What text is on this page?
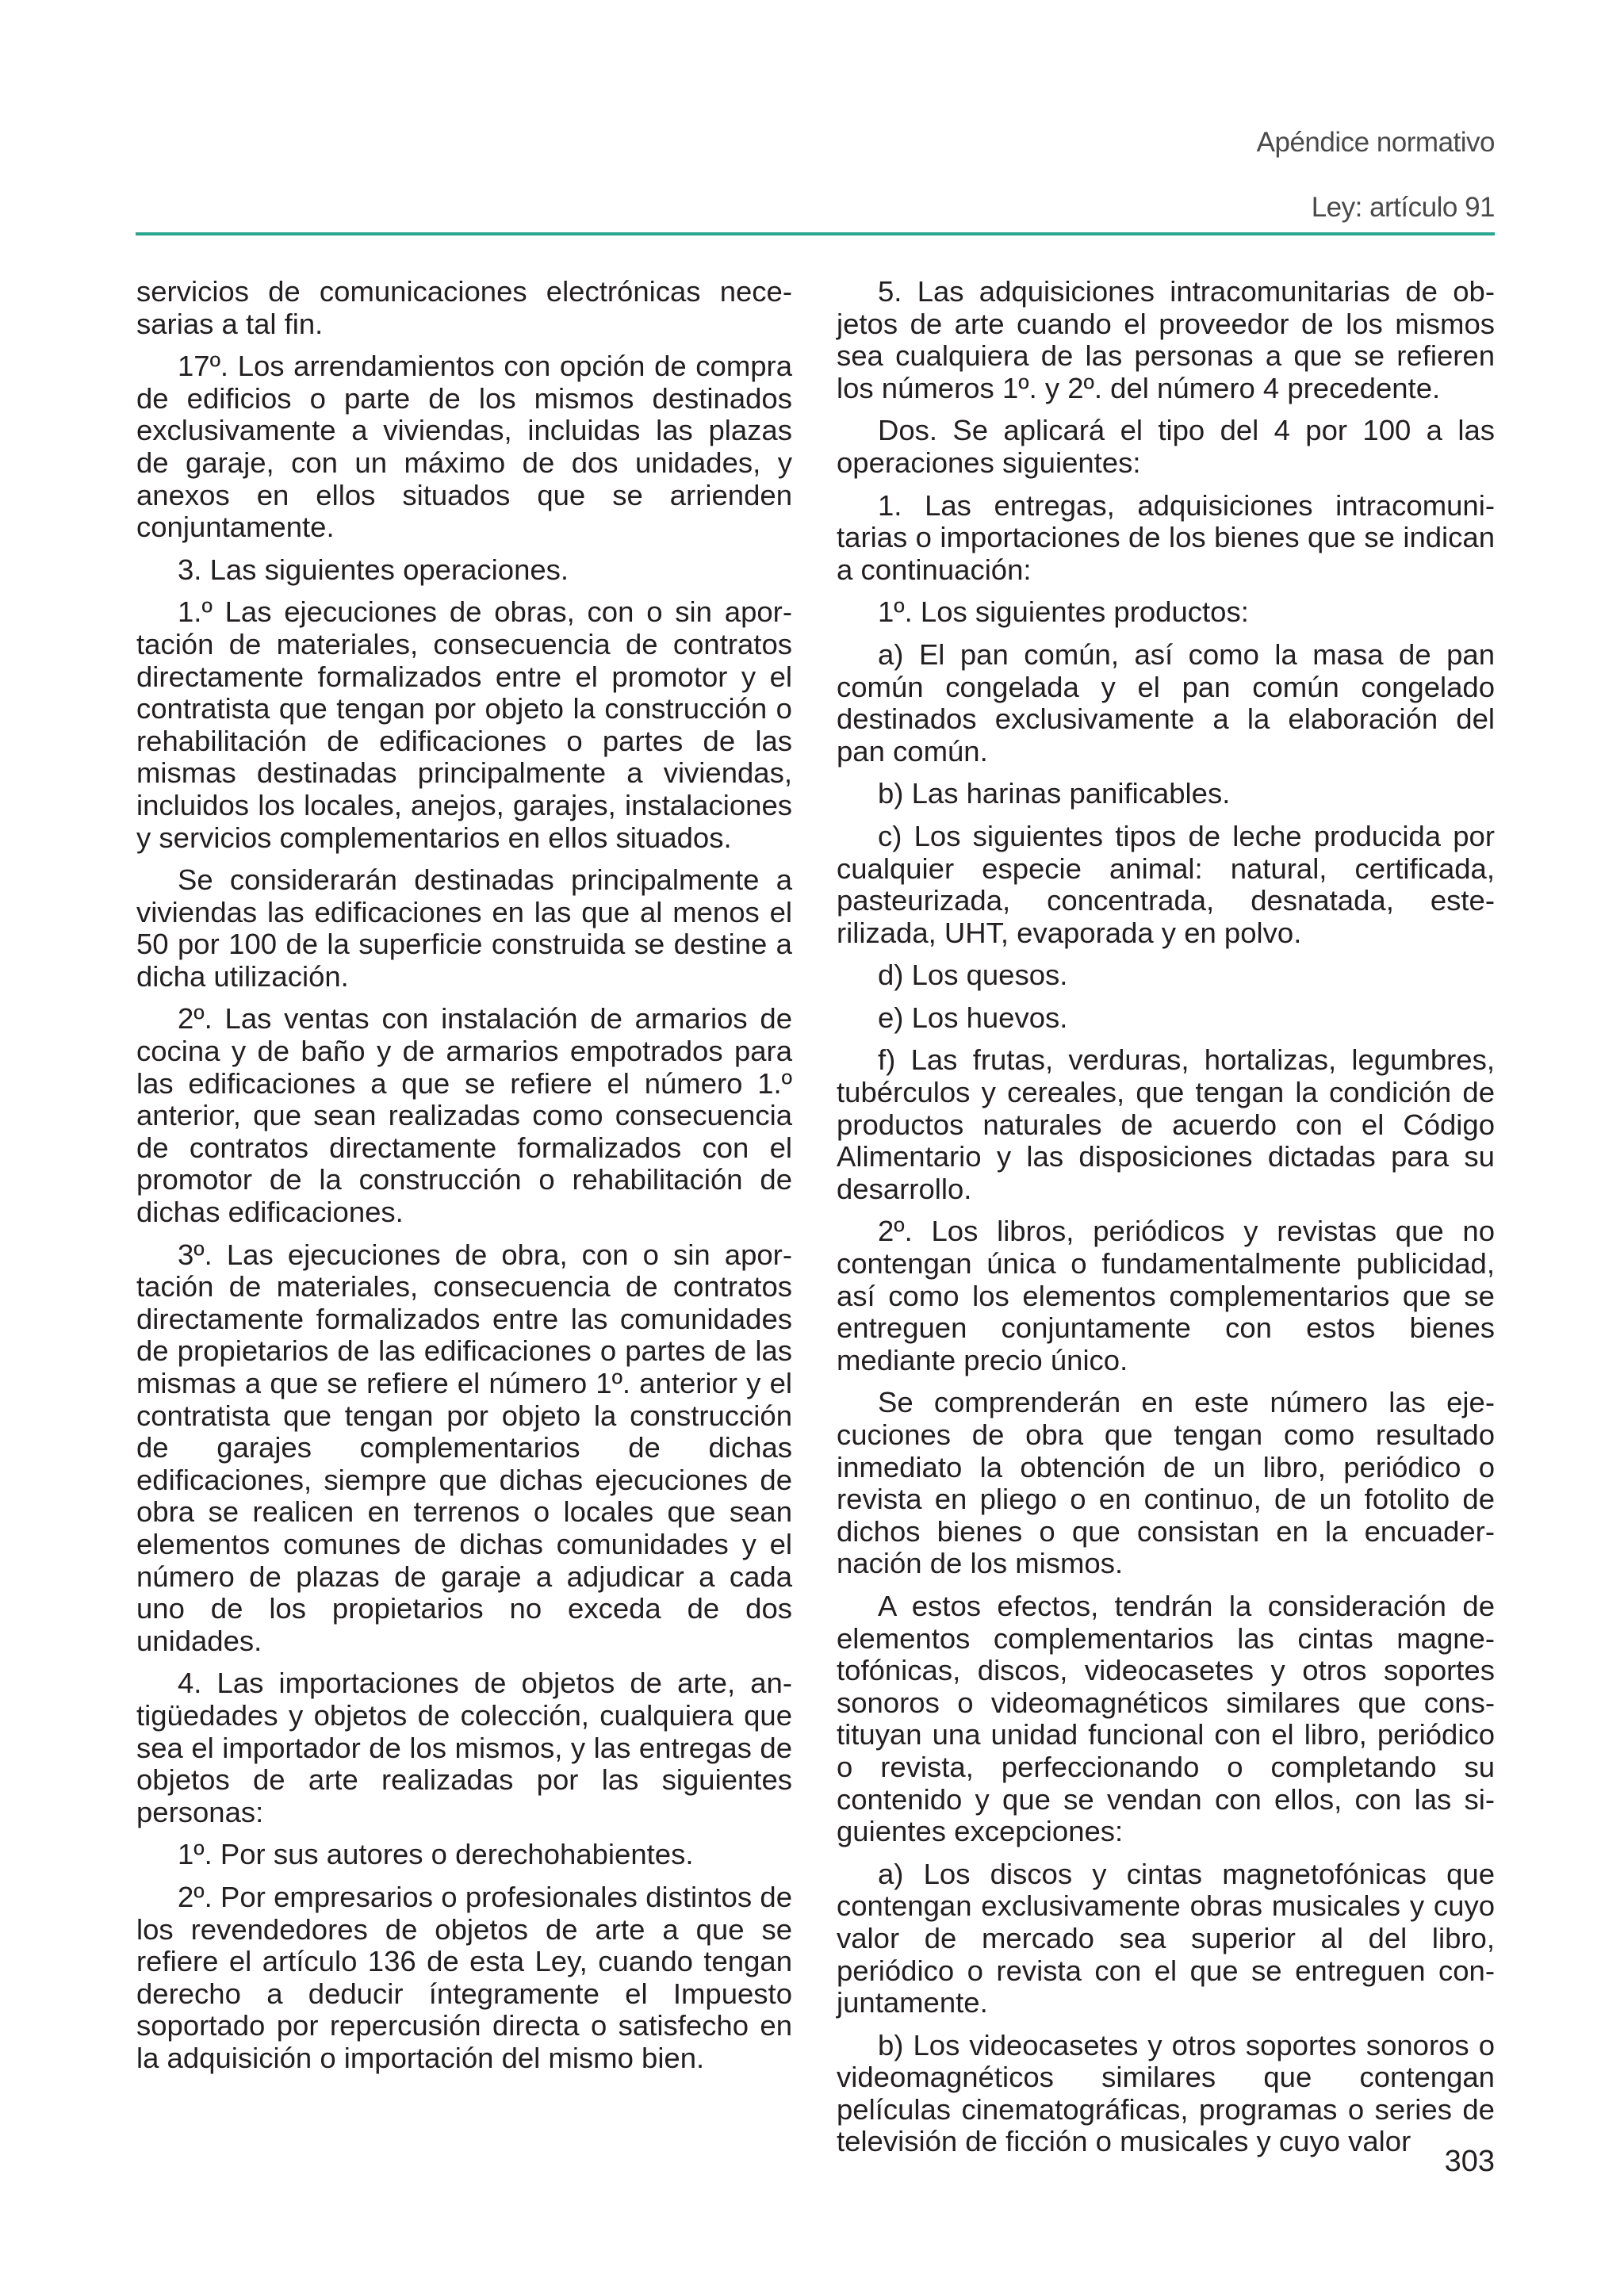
Apéndice normativo
Ley: artículo 91

servicios de comunicaciones electrónicas necesarias a tal fin.

17º. Los arrendamientos con opción de compra de edificios o parte de los mismos destinados exclusivamente a viviendas, incluidas las plazas de garaje, con un máximo de dos unidades, y anexos en ellos situados que se arrienden conjuntamente.

3. Las siguientes operaciones.

1.º Las ejecuciones de obras, con o sin aportación de materiales, consecuencia de contratos directamente formalizados entre el promotor y el contratista que tengan por objeto la construcción o rehabilitación de edificaciones o partes de las mismas destinadas principalmente a viviendas, incluidos los locales, anejos, garajes, instalaciones y servicios complementarios en ellos situados.

Se considerarán destinadas principalmente a viviendas las edificaciones en las que al menos el 50 por 100 de la superficie construida se destine a dicha utilización.

2º. Las ventas con instalación de armarios de cocina y de baño y de armarios empotrados para las edificaciones a que se refiere el número 1.º anterior, que sean realizadas como consecuencia de contratos directamente formalizados con el promotor de la construcción o rehabilitación de dichas edificaciones.

3º. Las ejecuciones de obra, con o sin aportación de materiales, consecuencia de contratos directamente formalizados entre las comunidades de propietarios de las edificaciones o partes de las mismas a que se refiere el número 1º. anterior y el contratista que tengan por objeto la construcción de garajes complementarios de dichas edificaciones, siempre que dichas ejecuciones de obra se realicen en terrenos o locales que sean elementos comunes de dichas comunidades y el número de plazas de garaje a adjudicar a cada uno de los propietarios no exceda de dos unidades.

4. Las importaciones de objetos de arte, antigüedades y objetos de colección, cualquiera que sea el importador de los mismos, y las entregas de objetos de arte realizadas por las siguientes personas:

1º. Por sus autores o derechohabientes.

2º. Por empresarios o profesionales distintos de los revendedores de objetos de arte a que se refiere el artículo 136 de esta Ley, cuando tengan derecho a deducir íntegramente el Impuesto soportado por repercusión directa o satisfecho en la adquisición o importación del mismo bien.

5. Las adquisiciones intracomunitarias de objetos de arte cuando el proveedor de los mismos sea cualquiera de las personas a que se refieren los números 1º. y 2º. del número 4 precedente.

Dos. Se aplicará el tipo del 4 por 100 a las operaciones siguientes:

1. Las entregas, adquisiciones intracomunitarias o importaciones de los bienes que se indican a continuación:

1º. Los siguientes productos:

a) El pan común, así como la masa de pan común congelada y el pan común congelado destinados exclusivamente a la elaboración del pan común.

b) Las harinas panificables.

c) Los siguientes tipos de leche producida por cualquier especie animal: natural, certificada, pasteurizada, concentrada, desnatada, esterilizada, UHT, evaporada y en polvo.

d) Los quesos.

e) Los huevos.

f) Las frutas, verduras, hortalizas, legumbres, tubérculos y cereales, que tengan la condición de productos naturales de acuerdo con el Código Alimentario y las disposiciones dictadas para su desarrollo.

2º. Los libros, periódicos y revistas que no contengan única o fundamentalmente publicidad, así como los elementos complementarios que se entreguen conjuntamente con estos bienes mediante precio único.

Se comprenderán en este número las ejecuciones de obra que tengan como resultado inmediato la obtención de un libro, periódico o revista en pliego o en continuo, de un fotolito de dichos bienes o que consistan en la encuadernación de los mismos.

A estos efectos, tendrán la consideración de elementos complementarios las cintas magnetofónicas, discos, videocasetes y otros soportes sonoros o videomagnéticos similares que constituyan una unidad funcional con el libro, periódico o revista, perfeccionando o completando su contenido y que se vendan con ellos, con las siguientes excepciones:

a) Los discos y cintas magnetofónicas que contengan exclusivamente obras musicales y cuyo valor de mercado sea superior al del libro, periódico o revista con el que se entreguen conjuntamente.

b) Los videocasetes y otros soportes sonoros o videomagnéticos similares que contengan películas cinematográficas, programas o series de televisión de ficción o musicales y cuyo valor

303
